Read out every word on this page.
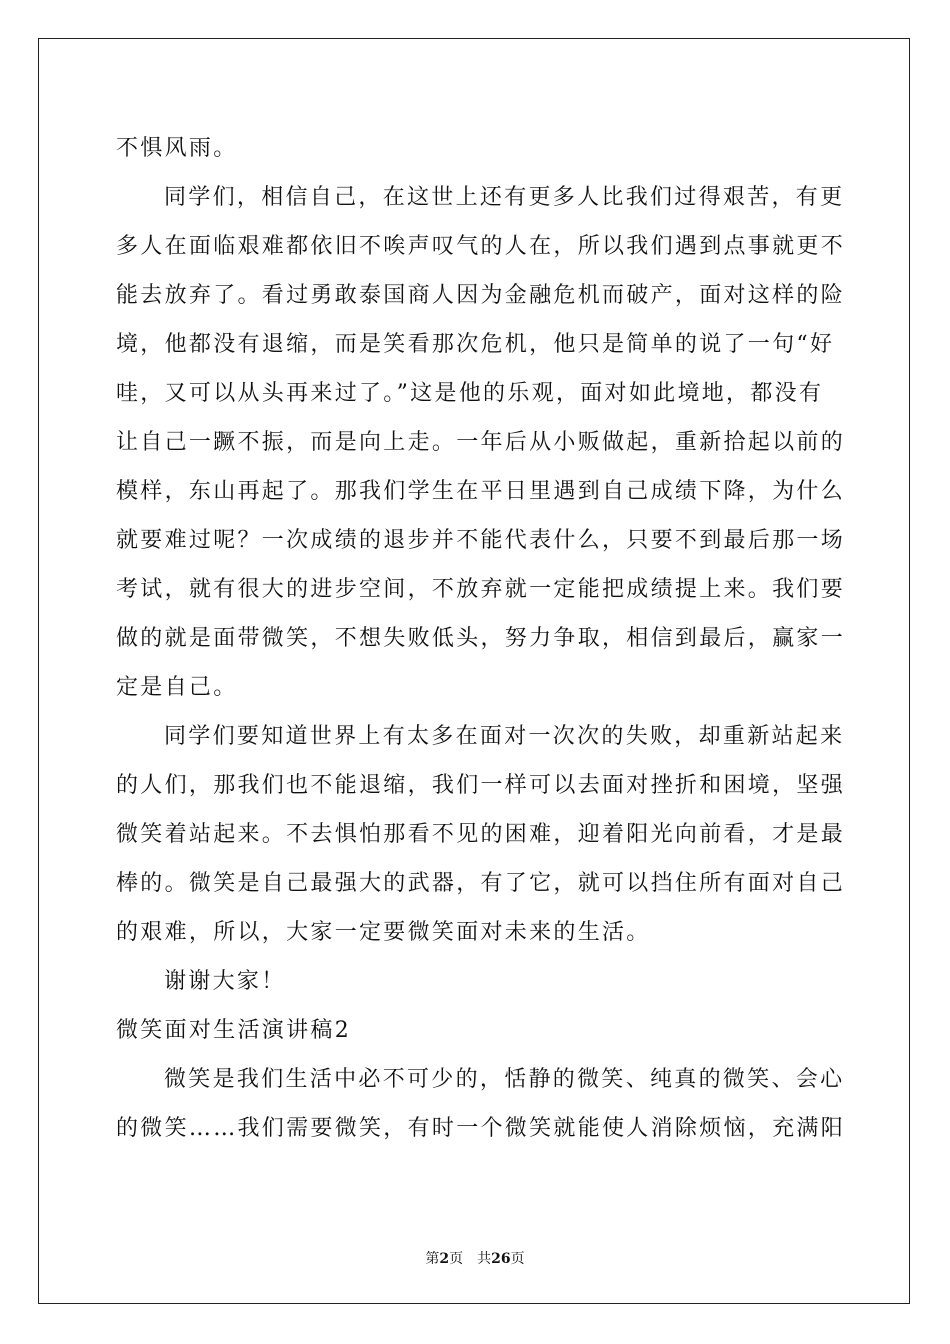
不惧风雨。
同学们，相信自己，在这世上还有更多人比我们过得艰苦，有更
多人在面临艰难都依旧不唉声叹气的人在，所以我们遇到点事就更不
能去放弃了。看过勇敢泰国商人因为金融危机而破产，面对这样的险
境，他都没有退缩，而是笑看那次危机，他只是简单的说了一句“好
哇，又可以从头再来过了。”这是他的乐观，面对如此境地，都没有
让自己一蹶不振，而是向上走。一年后从小贩做起，重新拾起以前的
模样，东山再起了。那我们学生在平日里遇到自己成绩下降，为什么
就要难过呢？一次成绩的退步并不能代表什么，只要不到最后那一场
考试，就有很大的进步空间，不放弃就一定能把成绩提上来。我们要
做的就是面带微笑，不想失败低头，努力争取，相信到最后，赢家一
定是自己。
同学们要知道世界上有太多在面对一次次的失败，却重新站起来
的人们，那我们也不能退缩，我们一样可以去面对挫折和困境，坚强
微笑着站起来。不去惧怕那看不见的困难，迎着阳光向前看，才是最
棒的。微笑是自己最强大的武器，有了它，就可以挡住所有面对自己
的艰难，所以，大家一定要微笑面对未来的生活。
谢谢大家！
微笑面对生活演讲稿2
微笑是我们生活中必不可少的，恬静的微笑、纯真的微笑、会心
的微笑……我们需要微笑，有时一个微笑就能使人消除烦恼，充满阳
第2页 共26页
